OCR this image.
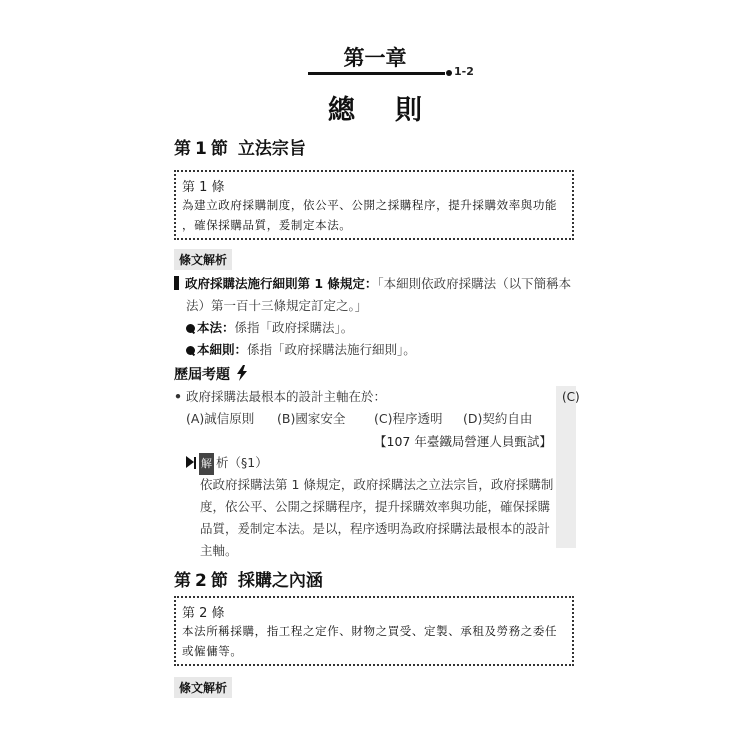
第一章
1-2
總則
第 1 節 立法宗旨
第 1 條
為建立政府採購制度，依公平、公開之採購程序，提升採購效率與功能
，確保採購品質，爰制定本法。
條文解析
政府採購法施行細則第 1 條規定：「本細則依政府採購法（以下簡稱本
法）第一百十三條規定訂定之。」
本法：係指「政府採購法」。
本細則：係指「政府採購法施行細則」。
歷屆考題
(C)
• 政府採購法最根本的設計主軸在於：
(A)誠信原則 (B)國家安全 (C)程序透明 (D)契約自由
【107 年臺鐵局營運人員甄試】
解 析（§1）
依政府採購法第 1 條規定，政府採購法之立法宗旨，政府採購制
度，依公平、公開之採購程序，提升採購效率與功能，確保採購
品質，爰制定本法。是以，程序透明為政府採購法最根本的設計
主軸。
第 2 節 採購之內涵
第 2 條
本法所稱採購，指工程之定作、財物之買受、定製、承租及勞務之委任
或僱傭等。
條文解析
